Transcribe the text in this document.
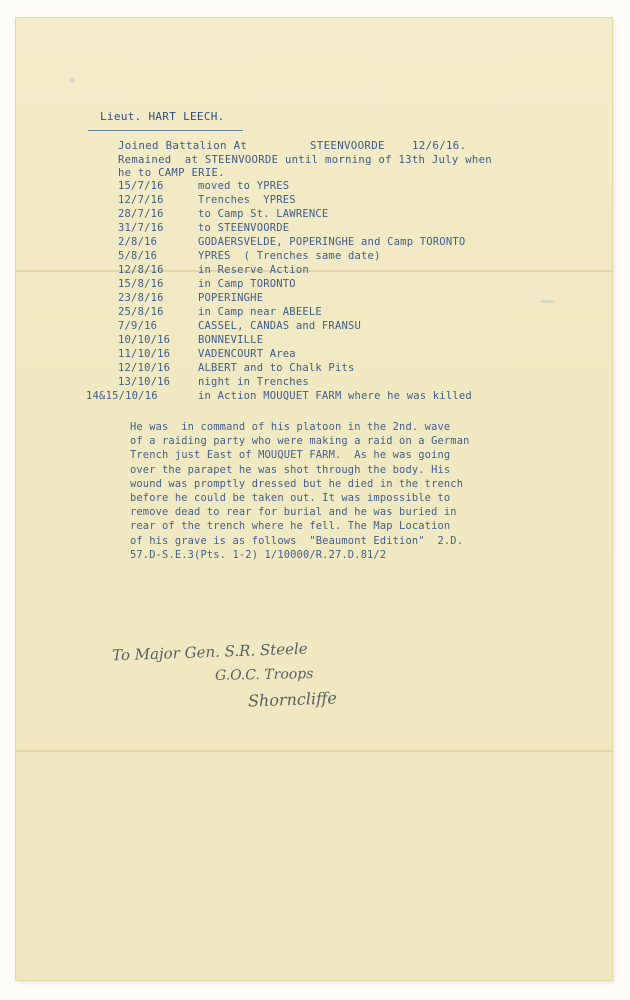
Lieut. HART LEECH.
Joined Battalion At	STEENVOORDE	12/6/16.
Remained  at STEENVOORDE until morning of 13th July when
he to CAMP ERIE.
15/7/16	moved to YPRES
12/7/16	Trenches  YPRES
28/7/16	to Camp St. LAWRENCE
31/7/16	to STEENVOORDE
2/8/16	GODAERSVELDE, POPERINGHE and Camp TORONTO
5/8/16	YPRES  ( Trenches same date)
12/8/16	in Reserve Action
15/8/16	in Camp TORONTO
23/8/16	POPERINGHE
25/8/16	in Camp near ABEELE
7/9/16	CASSEL, CANDAS and FRANSU
10/10/16	BONNEVILLE
11/10/16	VADENCOURT Area
12/10/16	ALBERT and to Chalk Pits
13/10/16	night in Trenches
14&15/10/16	in Action MOUQUET FARM where he was killed
He was  in command of his platoon in the 2nd. wave
of a raiding party who were making a raid on a German
Trench just East of MOUQUET FARM.  As he was going
over the parapet he was shot through the body. His
wound was promptly dressed but he died in the trench
before he could be taken out. It was impossible to
remove dead to rear for burial and he was buried in
rear of the trench where he fell. The Map Location
of his grave is as follows  "Beaumont Edition"  2.D.
57.D-S.E.3(Pts. 1-2) 1/10000/R.27.D.81/2
To Major Gen. S.R. Steele
G.O.C. Troops
Shorncliffe
